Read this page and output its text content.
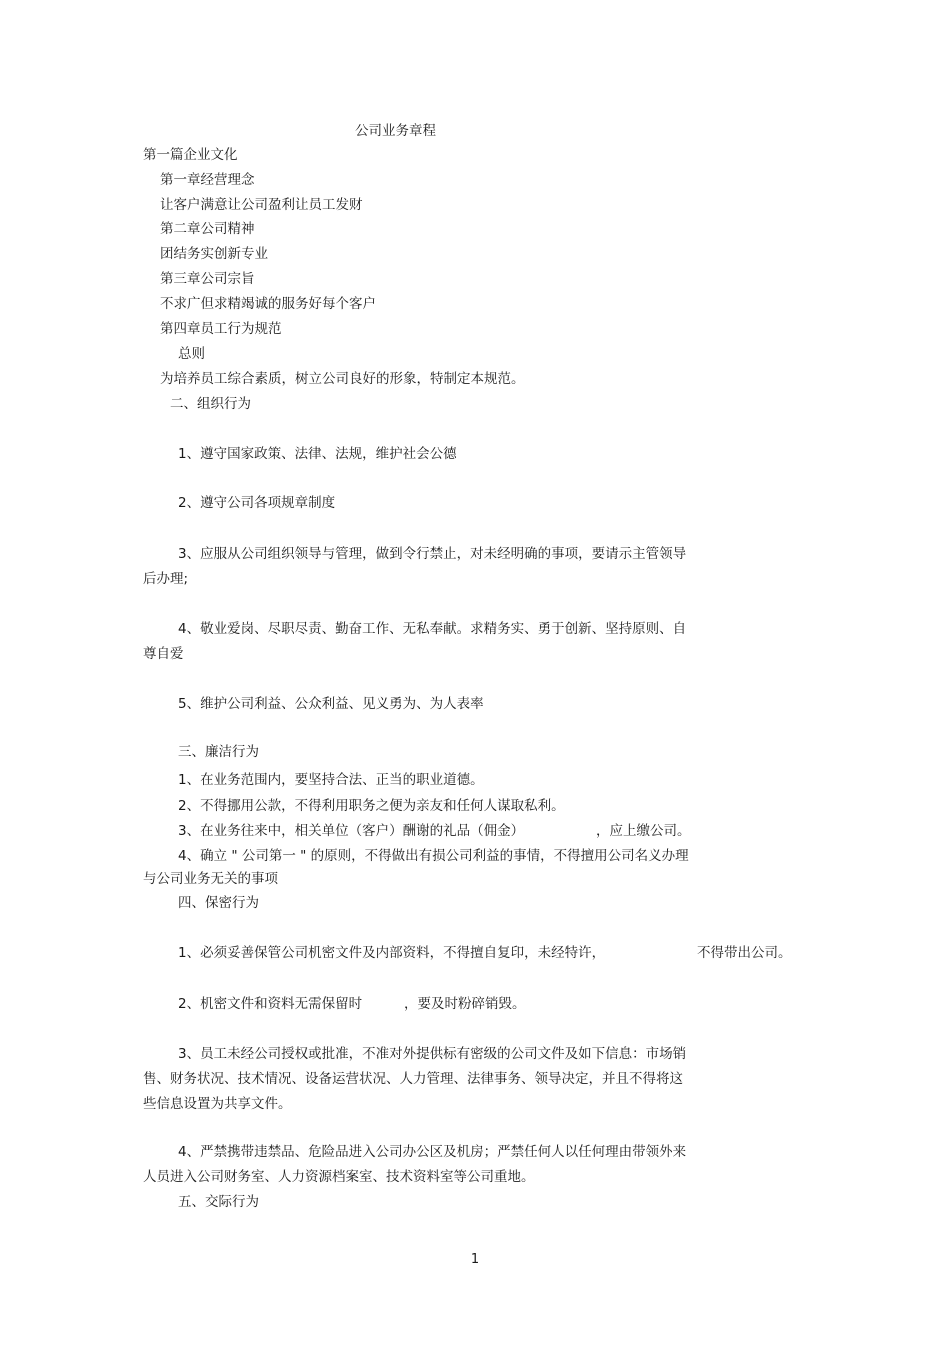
公司业务章程
第一篇企业文化
第一章经营理念
让客户满意让公司盈利让员工发财
第二章公司精神
团结务实创新专业
第三章公司宗旨
不求广但求精竭诚的服务好每个客户
第四章员工行为规范
总则
为培养员工综合素质，树立公司良好的形象，特制定本规范。
二、组织行为
1、遵守国家政策、法律、法规，维护社会公德
2、遵守公司各项规章制度
3、应服从公司组织领导与管理，做到令行禁止，对未经明确的事项，要请示主管领导
后办理;
4、敬业爱岗、尽职尽责、勤奋工作、无私奉献。求精务实、勇于创新、坚持原则、自
尊自爱
5、维护公司利益、公众利益、见义勇为、为人表率
三、廉洁行为
1、在业务范围内，要坚持合法、正当的职业道德。
2、不得挪用公款，不得利用职务之便为亲友和任何人谋取私利。
3、在业务往来中，相关单位（客户）酬谢的礼品（佣金）	，应上缴公司。
4、确立 " 公司第一 " 的原则，不得做出有损公司利益的事情，不得擅用公司名义办理
与公司业务无关的事项
四、保密行为
1、必须妥善保管公司机密文件及内部资料，不得擅自复印，未经特许，	不得带出公司。
2、机密文件和资料无需保留时	，要及时粉碎销毁。
3、员工未经公司授权或批准，不准对外提供标有密级的公司文件及如下信息：市场销
售、财务状况、技术情况、设备运营状况、人力管理、法律事务、领导决定，并且不得将这
些信息设置为共享文件。
4、严禁携带违禁品、危险品进入公司办公区及机房；严禁任何人以任何理由带领外来
人员进入公司财务室、人力资源档案室、技术资料室等公司重地。
五、交际行为
1
